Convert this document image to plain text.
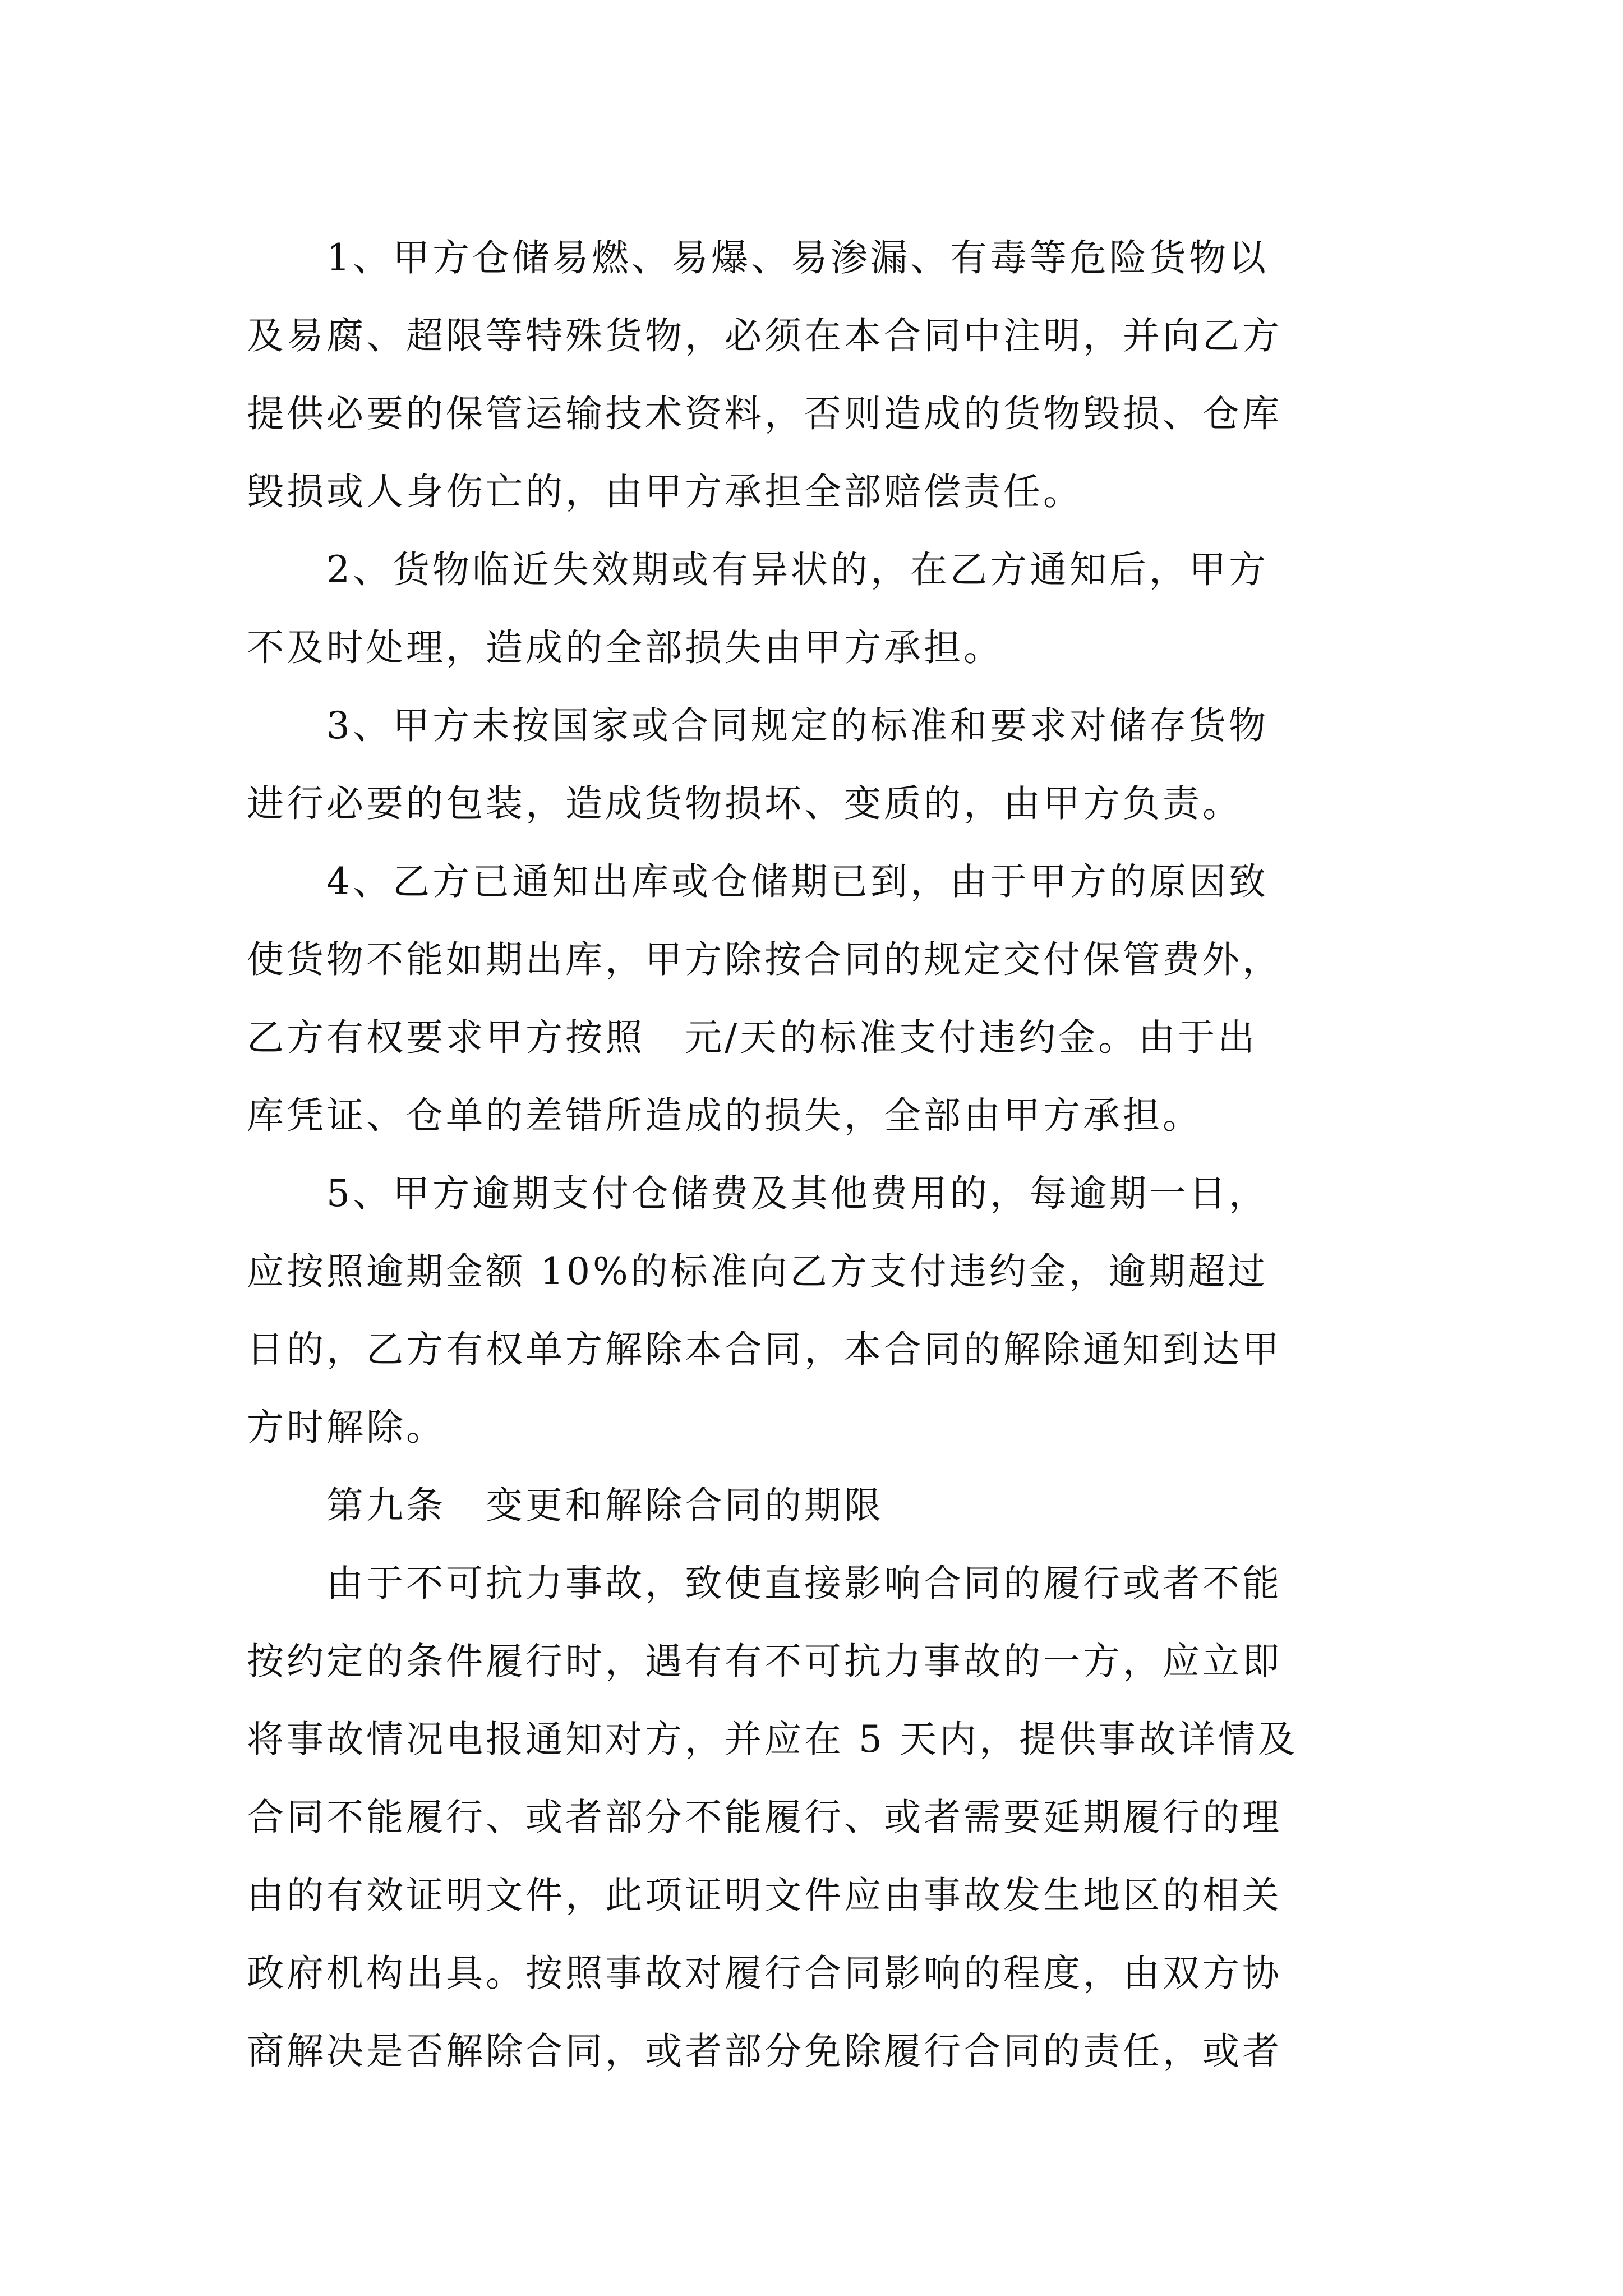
　　1、甲方仓储易燃、易爆、易渗漏、有毒等危险货物以
及易腐、超限等特殊货物，必须在本合同中注明，并向乙方
提供必要的保管运输技术资料，否则造成的货物毁损、仓库
毁损或人身伤亡的，由甲方承担全部赔偿责任。
　　2、货物临近失效期或有异状的，在乙方通知后，甲方
不及时处理，造成的全部损失由甲方承担。
　　3、甲方未按国家或合同规定的标准和要求对储存货物
进行必要的包装，造成货物损坏、变质的，由甲方负责。
　　4、乙方已通知出库或仓储期已到，由于甲方的原因致
使货物不能如期出库，甲方除按合同的规定交付保管费外，
乙方有权要求甲方按照　元/天的标准支付违约金。由于出
库凭证、仓单的差错所造成的损失，全部由甲方承担。
　　5、甲方逾期支付仓储费及其他费用的，每逾期一日，
应按照逾期金额 10%的标准向乙方支付违约金，逾期超过
日的，乙方有权单方解除本合同，本合同的解除通知到达甲
方时解除。
　　第九条　变更和解除合同的期限
　　由于不可抗力事故，致使直接影响合同的履行或者不能
按约定的条件履行时，遇有有不可抗力事故的一方，应立即
将事故情况电报通知对方，并应在 5 天内，提供事故详情及
合同不能履行、或者部分不能履行、或者需要延期履行的理
由的有效证明文件，此项证明文件应由事故发生地区的相关
政府机构出具。按照事故对履行合同影响的程度，由双方协
商解决是否解除合同，或者部分免除履行合同的责任，或者
